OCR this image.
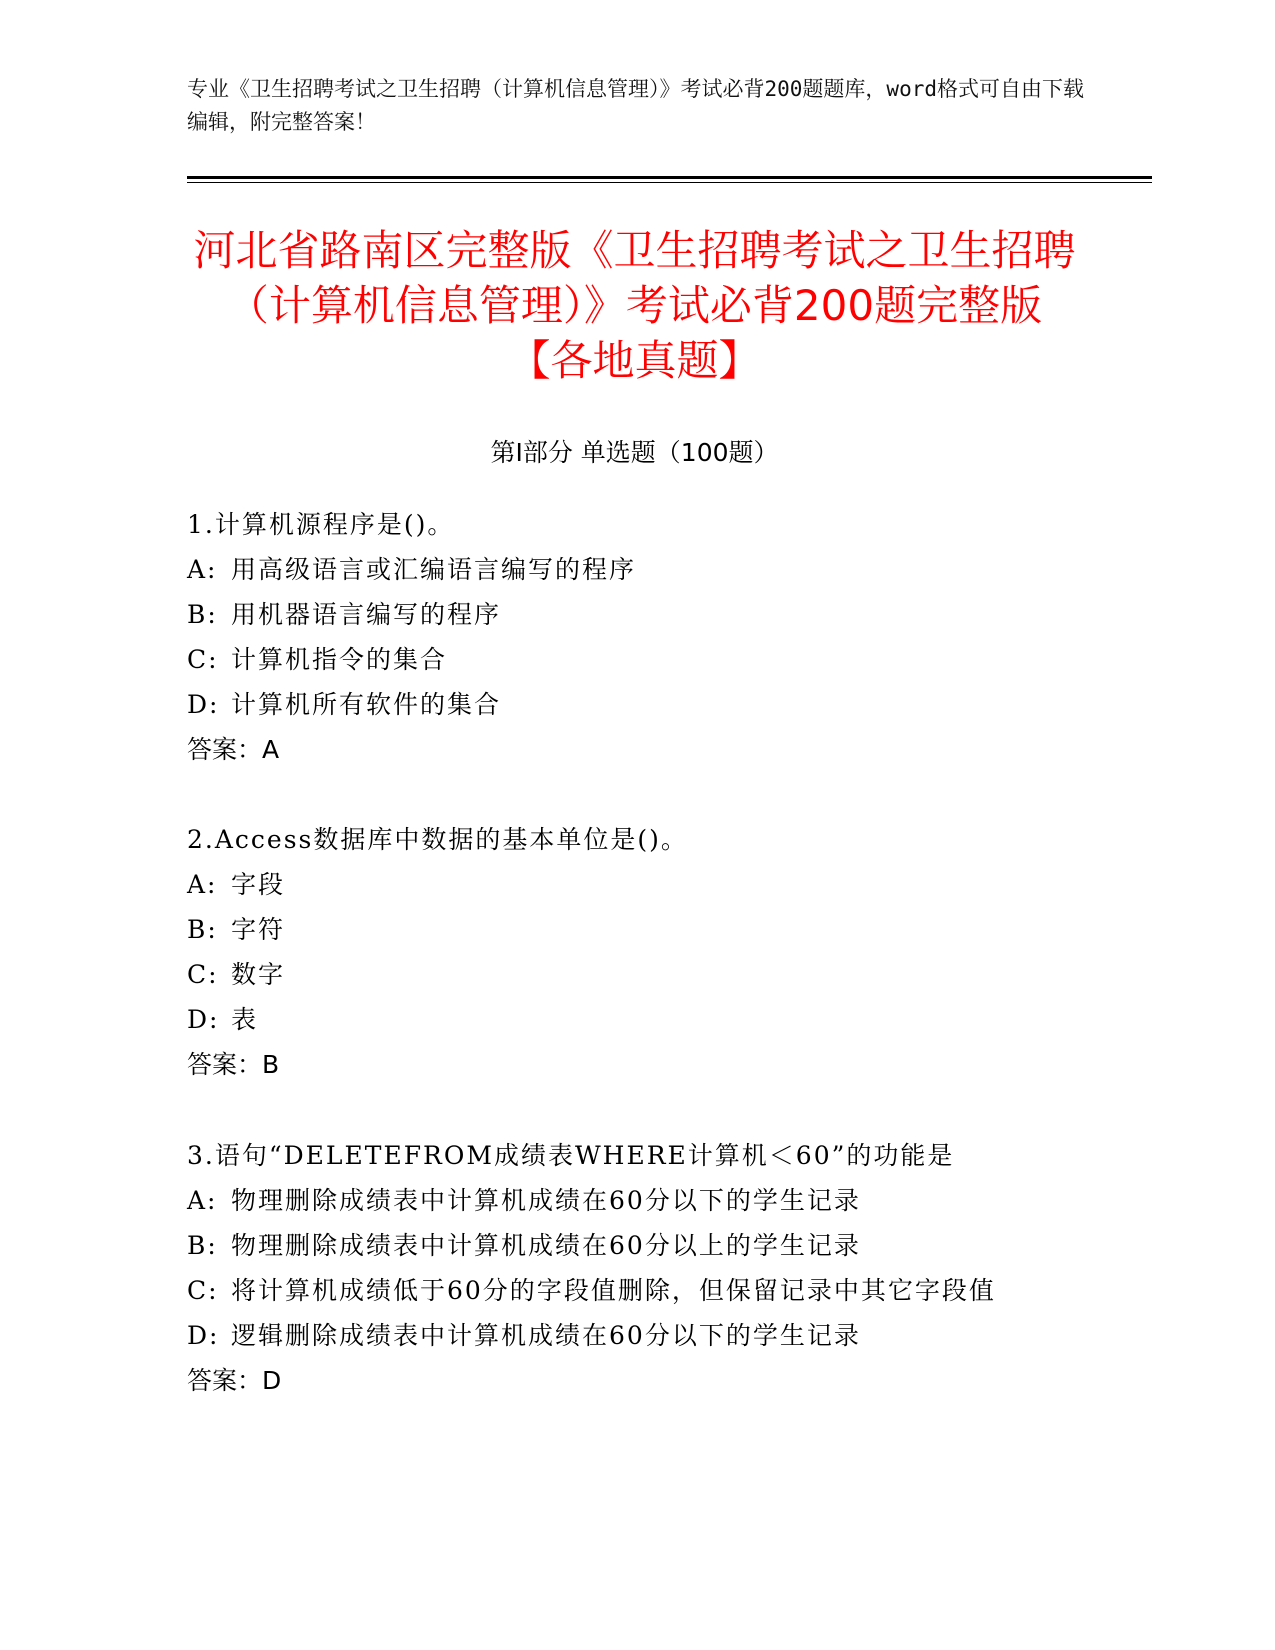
专业《卫生招聘考试之卫生招聘（计算机信息管理）》考试必背200题题库，word格式可自由下载编辑，附完整答案！
河北省路南区完整版《卫生招聘考试之卫生招聘（计算机信息管理）》考试必背200题完整版【各地真题】
第Ⅰ部分 单选题（100题）
1.计算机源程序是()。
A: 用高级语言或汇编语言编写的程序
B: 用机器语言编写的程序
C: 计算机指令的集合
D: 计算机所有软件的集合
答案：A
2.Access数据库中数据的基本单位是()。
A: 字段
B: 字符
C: 数字
D: 表
答案：B
3.语句“DELETEFROM成绩表WHERE计算机＜60”的功能是
A: 物理删除成绩表中计算机成绩在60分以下的学生记录
B: 物理删除成绩表中计算机成绩在60分以上的学生记录
C: 将计算机成绩低于60分的字段值删除，但保留记录中其它字段值
D: 逻辑删除成绩表中计算机成绩在60分以下的学生记录
答案：D
